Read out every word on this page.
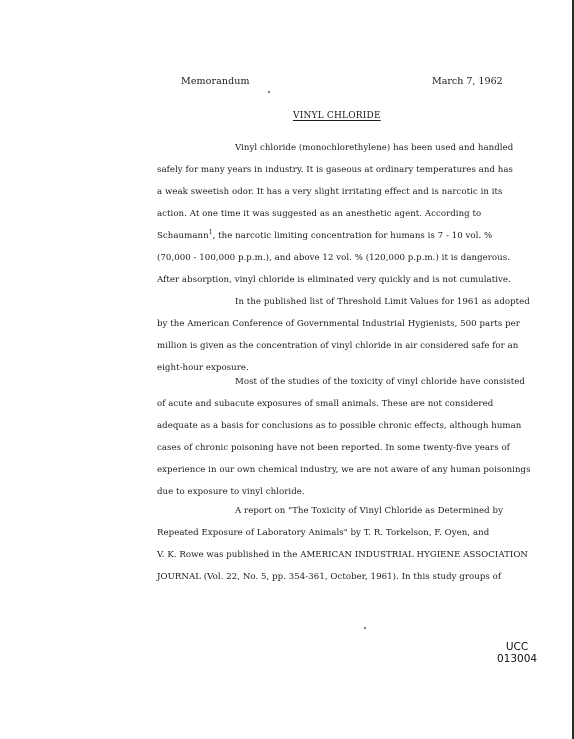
Memorandum	March 7, 1962
VINYL CHLORIDE
Vinyl chloride (monochlorethylene) has been used and handled
safely for many years in industry. It is gaseous at ordinary temperatures and has
a weak sweetish odor. It has a very slight irritating effect and is narcotic in its
action. At one time it was suggested as an anesthetic agent. According to
Schaumann$^1$, the narcotic limiting concentration for humans is 7 - 10 vol. %
(70,000 - 100,000 p.p.m.), and above 12 vol. % (120,000 p.p.m.) it is dangerous.
After absorption, vinyl chloride is eliminated very quickly and is not cumulative.
In the published list of Threshold Limit Values for 1961 as adopted
by the American Conference of Governmental Industrial Hygienists, 500 parts per
million is given as the concentration of vinyl chloride in air considered safe for an
eight-hour exposure.
Most of the studies of the toxicity of vinyl chloride have consisted
of acute and subacute exposures of small animals. These are not considered
adequate as a basis for conclusions as to possible chronic effects, although human
cases of chronic poisoning have not been reported. In some twenty-five years of
experience in our own chemical industry, we are not aware of any human poisonings
due to exposure to vinyl chloride.
A report on "The Toxicity of Vinyl Chloride as Determined by
Repeated Exposure of Laboratory Animals" by T. R. Torkelson, F. Oyen, and
V. K. Rowe was published in the AMERICAN INDUSTRIAL HYGIENE ASSOCIATION
JOURNAL (Vol. 22, No. 5, pp. 354-361, October, 1961). In this study groups of
UCC
013004
